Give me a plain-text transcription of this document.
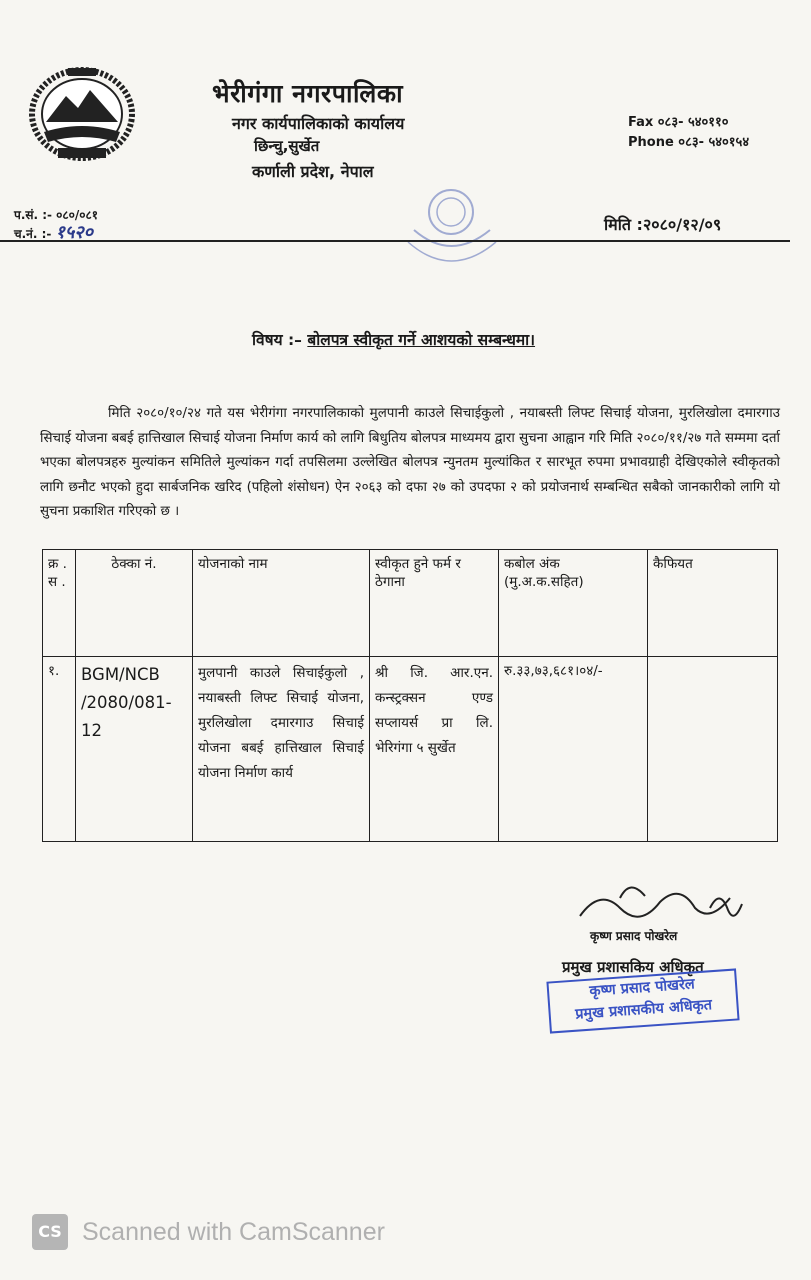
भेरीगंगा नगरपालिका
नगर कार्यपालिकाको कार्यालय
छिन्चु,सुर्खेत
कर्णाली प्रदेश, नेपाल
Fax ०८३- ५४०११०
Phone ०८३- ५४०१५४
प.सं. :- ०८०/०८१
च.नं. :- १५२०	मिति :२०८०/१२/०९
विषय :– बोलपत्र स्वीकृत गर्ने आशयको सम्बन्धमा।
मिति २०८०/१०/२४ गते यस भेरीगंगा नगरपालिकाको मुलपानी काउले सिचाईकुलो , नयाबस्ती लिफ्ट सिचाई योजना, मुरलिखोला दमारगाउ सिचाई योजना बबई हात्तिखाल सिचाई योजना निर्माण कार्य को लागि बिधुतिय बोलपत्र माध्यमय द्वारा सुचना आह्वान गरि मिति २०८०/११/२७ गते सम्ममा दर्ता भएका बोलपत्रहरु मुल्यांकन समितिले मुल्यांकन गर्दा तपसिलमा उल्लेखित बोलपत्र न्युनतम मुल्यांकित र सारभूत रुपमा प्रभावग्राही देखिएकोले स्वीकृतको लागि छनौट भएको हुदा सार्बजनिक खरिद (पहिलो शंसोधन) ऐन २०६३ को दफा २७ को उपदफा २ को प्रयोजनार्थ सम्बन्धित सबैको जानकारीको लागि यो सुचना प्रकाशित गरिएको छ ।
क्र . स .	ठेक्का नं.	योजनाको नाम	स्वीकृत हुने फर्म र ठेगाना	कबोल अंक (मु.अ.क.सहित)	कैफियत
१.	BGM/NCB /2080/081-12	मुलपानी काउले सिचाईकुलो , नयाबस्ती लिफ्ट सिचाई योजना, मुरलिखोला दमारगाउ सिचाई योजना बबई हात्तिखाल सिचाई योजना निर्माण कार्य	श्री जि. आर.एन. कन्स्ट्रक्सन एण्ड सप्लायर्स प्रा लि. भेरिगंगा ५ सुर्खेत	रु.३३,७३,६८१।०४/-	
कृष्ण प्रसाद पोखरेल
प्रमुख प्रशासकिय अधिकृत
कृष्ण प्रसाद पोखरेल
प्रमुख प्रशासकीय अधिकृत
CS Scanned with CamScanner
